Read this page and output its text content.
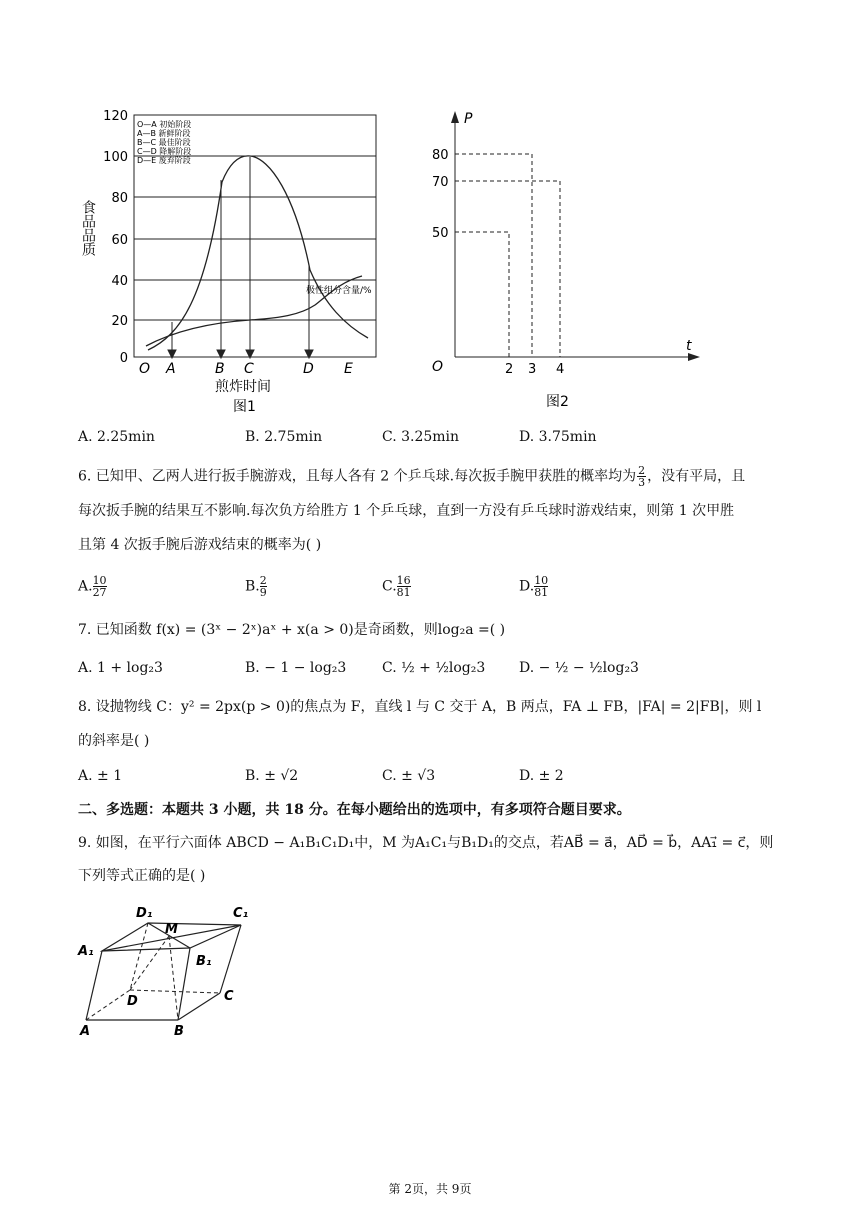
120
100
80
60
40
20
0
食品品质
O—A 初始阶段
A—B 新鲜阶段
B—C 最佳阶段
C—D 降解阶段
D—E 废弃阶段
极性组分含量/%
O A	B C	D E
煎炸时间
图1
P
t
O
80
70
50
2 3 4
图2
A. 2.25min	B. 2.75min	C. 3.25min	D. 3.75min
6. 已知甲、乙两人进行扳手腕游戏，且每人各有 2 个乒乓球.每次扳手腕甲获胜的概率均为 $\frac{2}{3}$ ，没有平局，且
每次扳手腕的结果互不影响.每次负方给胜方 1 个乒乓球，直到一方没有乒乓球时游戏结束，则第 1 次甲胜
且第 4 次扳手腕后游戏结束的概率为( )
A. $\frac{10}{27}$	B. $\frac{2}{9}$	C. $\frac{16}{81}$	D. $\frac{10}{81}$
7. 已知函数 f(x) = (3ˣ − 2ˣ)aˣ + x(a > 0)是奇函数，则log₂a =( )
A. 1 + log₂3	B. − 1 − log₂3	C. ½ + ½log₂3 D. − ½ − ½log₂3
8. 设抛物线 C：y² = 2px(p > 0)的焦点为 F，直线 l 与 C 交于 A，B 两点，FA ⊥ FB，|FA| = 2|FB|，则 l
的斜率是( )
A. ± 1	B. ± √2	C. ± √3	D. ± 2
二、多选题：本题共 3 小题，共 18 分。在每小题给出的选项中，有多项符合题目要求。
9. 如图，在平行六面体 ABCD − A₁B₁C₁D₁中，M 为A₁C₁与B₁D₁的交点，若AB⃗ = a⃗，AD⃗ = b⃗，AA₁⃗ = c⃗，则
下列等式正确的是( )
D₁
M
C₁
A₁
B₁
D	C
A	B
第 2页，共 9页
